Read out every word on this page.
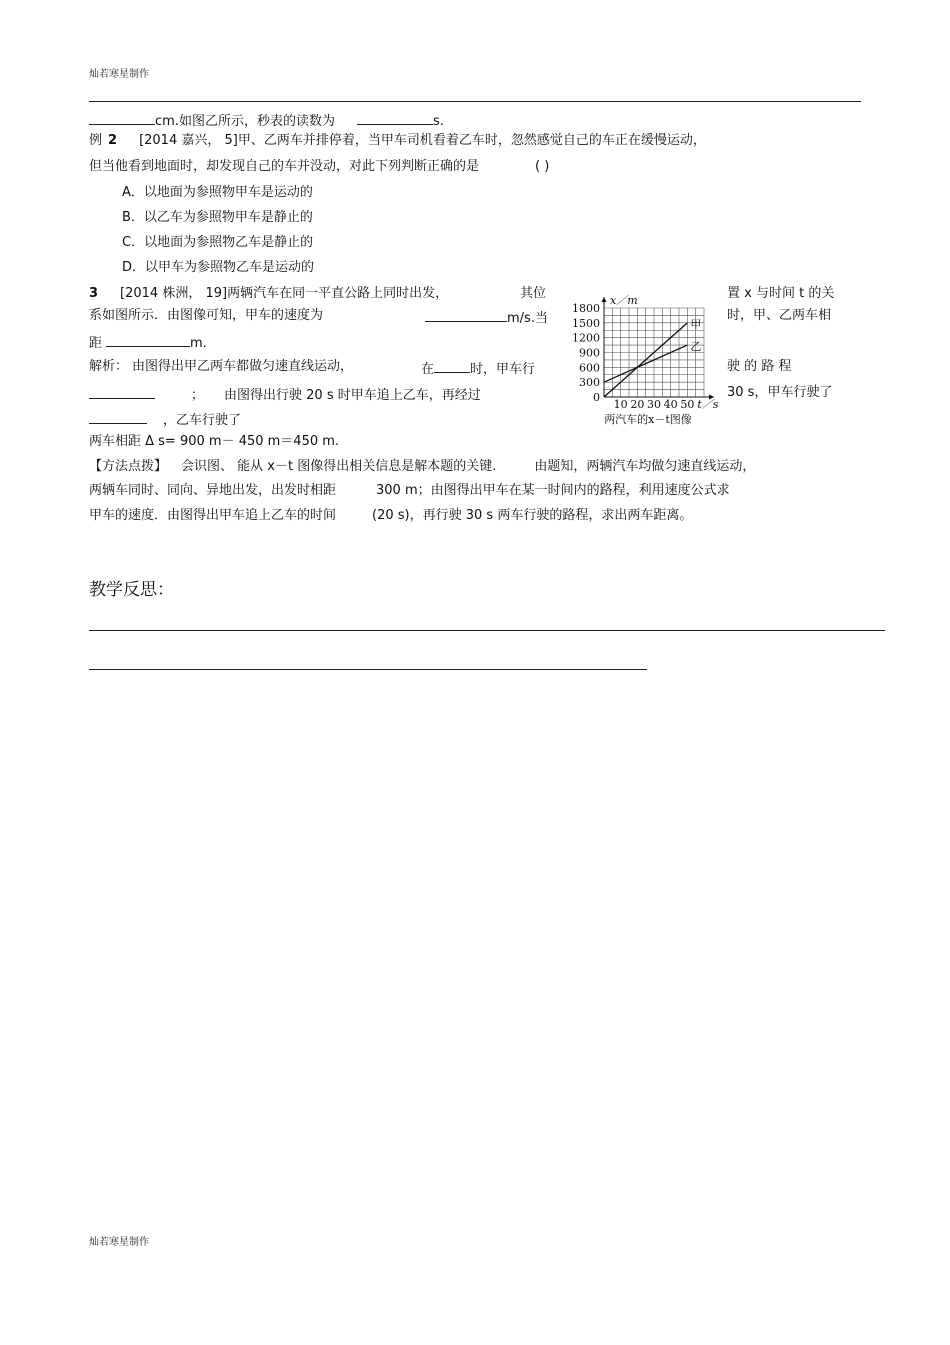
灿若寒星制作
cm.如图乙所示，秒表的读数为	s.
例 2 [2014 嘉兴， 5]甲、乙两车并排停着，当甲车司机看着乙车时，忽然感觉自己的车正在缓慢运动，
但当他看到地面时，却发现自己的车并没动，对此下列判断正确的是	( )
A．以地面为参照物甲车是运动的
B．以乙车为参照物甲车是静止的
C．以地面为参照物乙车是静止的
D．以甲车为参照物乙车是运动的
3 [2014 株洲， 19]两辆汽车在同一平直公路上同时出发，	其位	置 x 与时间 t 的关
系如图所示．由图像可知，甲车的速度为	m/s.当	时，甲、乙两车相
距	m.
解析： 由图得出甲乙两车都做匀速直线运动，	在	时，甲车行	驶 的 路 程
； 由图得出行驶 20 s 时甲车追上乙车，再经过	30 s，甲车行驶了
，乙车行驶了
两车相距 Δ s= 900 m－ 450 m＝450 m.
【方法点拨】 会识图、 能从 x－t 图像得出相关信息是解本题的关键.	由题知，两辆汽车均做匀速直线运动，
两辆车同时、同向、异地出发，出发时相距	300 m；由图得出甲车在某一时间内的路程，利用速度公式求
甲车的速度．由图得出甲车追上乙车的时间	(20 s)，再行驶 30 s 两车行驶的路程，求出两车距离。
甲
乙
0
300
600
900
1200
1500
1800
10 20 30 40 50 t／s
x／m
两汽车的x－t图像
教学反思：
灿若寒星制作
